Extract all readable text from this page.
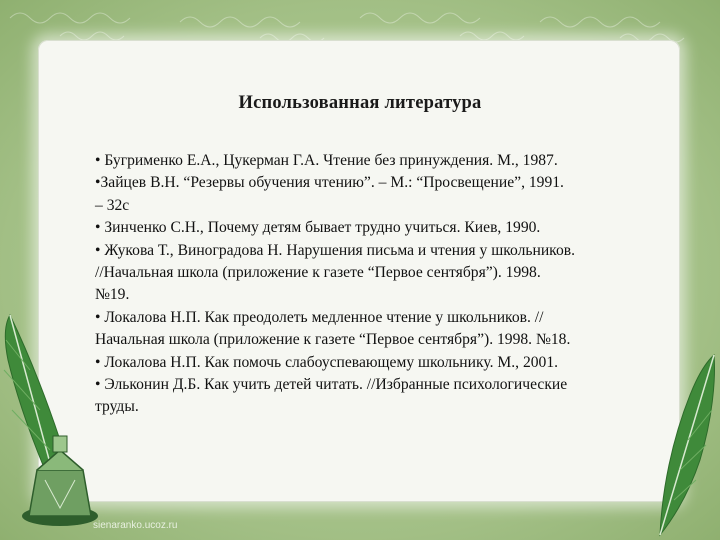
Использованная литература
• Бугрименко Е.А., Цукерман Г.А. Чтение без принуждения. М., 1987.
•Зайцев В.Н. “Резервы обучения чтению”. – М.: “Просвещение”, 1991.
– 32с
• Зинченко С.Н., Почему детям бывает трудно учиться. Киев, 1990.
• Жукова Т., Виноградова Н. Нарушения письма и чтения у школьников.
//Начальная школа (приложение к газете “Первое сентября”). 1998.
№19.
• Локалова Н.П. Как преодолеть медленное чтение у школьников. //
Начальная школа (приложение к газете “Первое сентября”). 1998. №18.
• Локалова Н.П. Как помочь слабоуспевающему школьнику. М., 2001.
• Эльконин Д.Б. Как учить детей читать. //Избранные психологические
труды.
sienaranko.ucoz.ru
